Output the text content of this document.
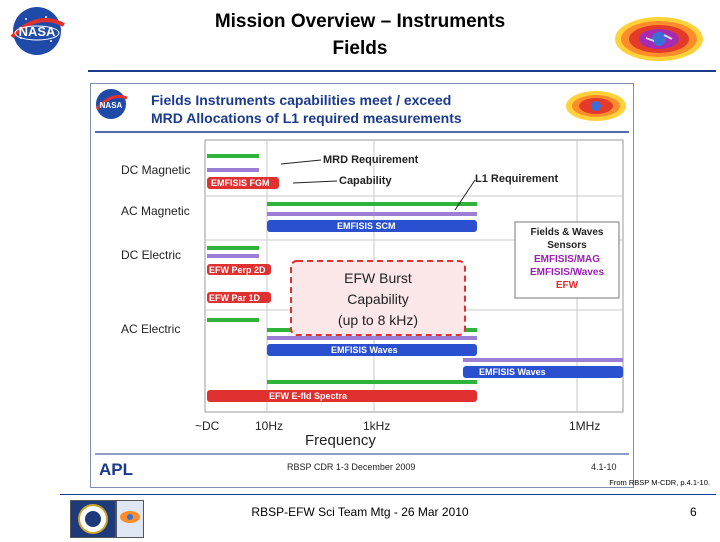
NASA	Mission Overview – Instruments
Fields
NASA Fields Instruments capabilities meet / exceed
MRD Allocations of L1 required measurements
DC Magnetic
AC Magnetic
DC Electric
AC Electric
EMFISIS FGM
EMFISIS SCM
EFW Perp 2D
EFW Par 1D
EMFISIS Waves
EMFISIS Waves
EFW E-fld Spectra
MRD Requirement
Capability	L1 Requirement
EFW Burst
Capability
(up to 8 kHz)
Fields & Waves
Sensors
EMFISIS/MAG
EMFISIS/Waves
EFW
~DC	10Hz	1kHz	1MHz
Frequency
APL	RBSP CDR 1-3 December 2009	4.1-10
From RBSP M-CDR, p.4.1-10.
RBSP-EFW Sci Team Mtg - 26 Mar 2010	6
